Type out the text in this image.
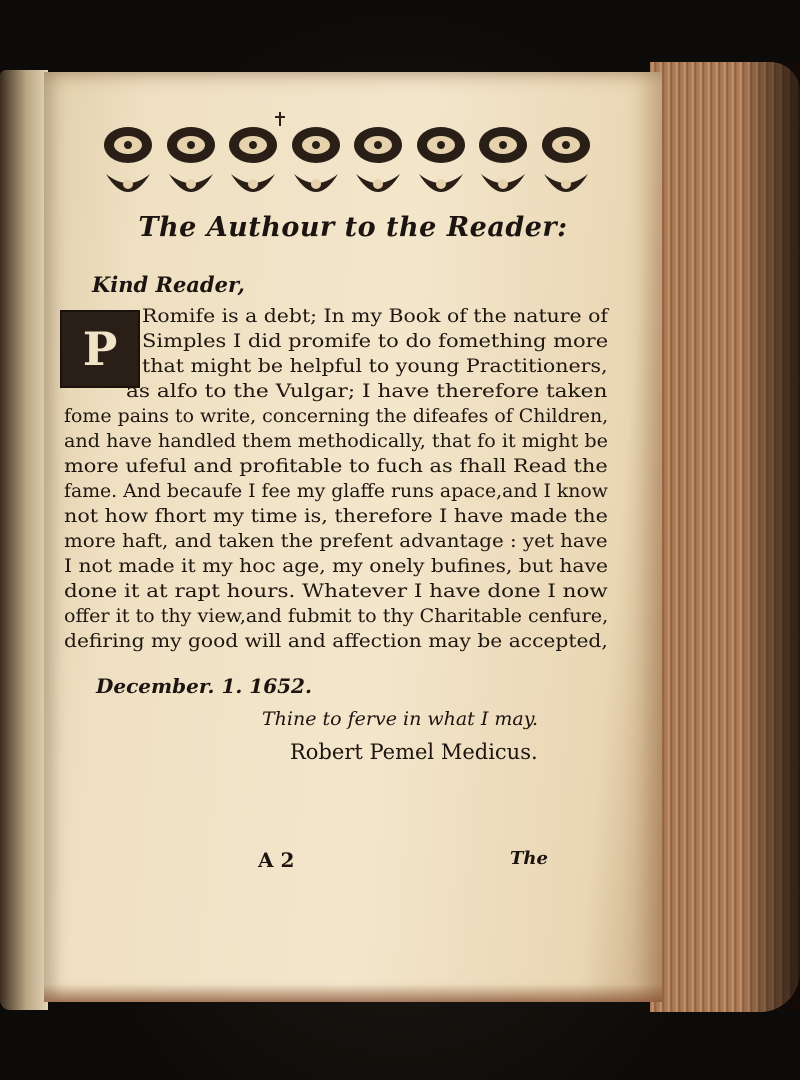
The Authour to the Reader:
Kind Reader,
P
Romife is a debt; In my Book of the nature of
Simples I did promife to do fomething more
that might be helpful to young Practitioners,
as alfo to the Vulgar; I have therefore taken
fome pains to write, concerning the difeafes of Children,
and have handled them methodically, that fo it might be
more ufeful and profitable to fuch as fhall Read the
fame. And becaufe I fee my glaffe runs apace,and I know
not how fhort my time is, therefore I have made the
more haft, and taken the prefent advantage : yet have
I not made it my hoc age, my onely bufines, but have
done it at rapt hours. Whatever I have done I now
offer it to thy view,and fubmit to thy Charitable cenfure,
defiring my good will and affection may be accepted,
December. 1. 1652.
Thine to ferve in what I may.
Robert Pemel Medicus.
A 2	The
